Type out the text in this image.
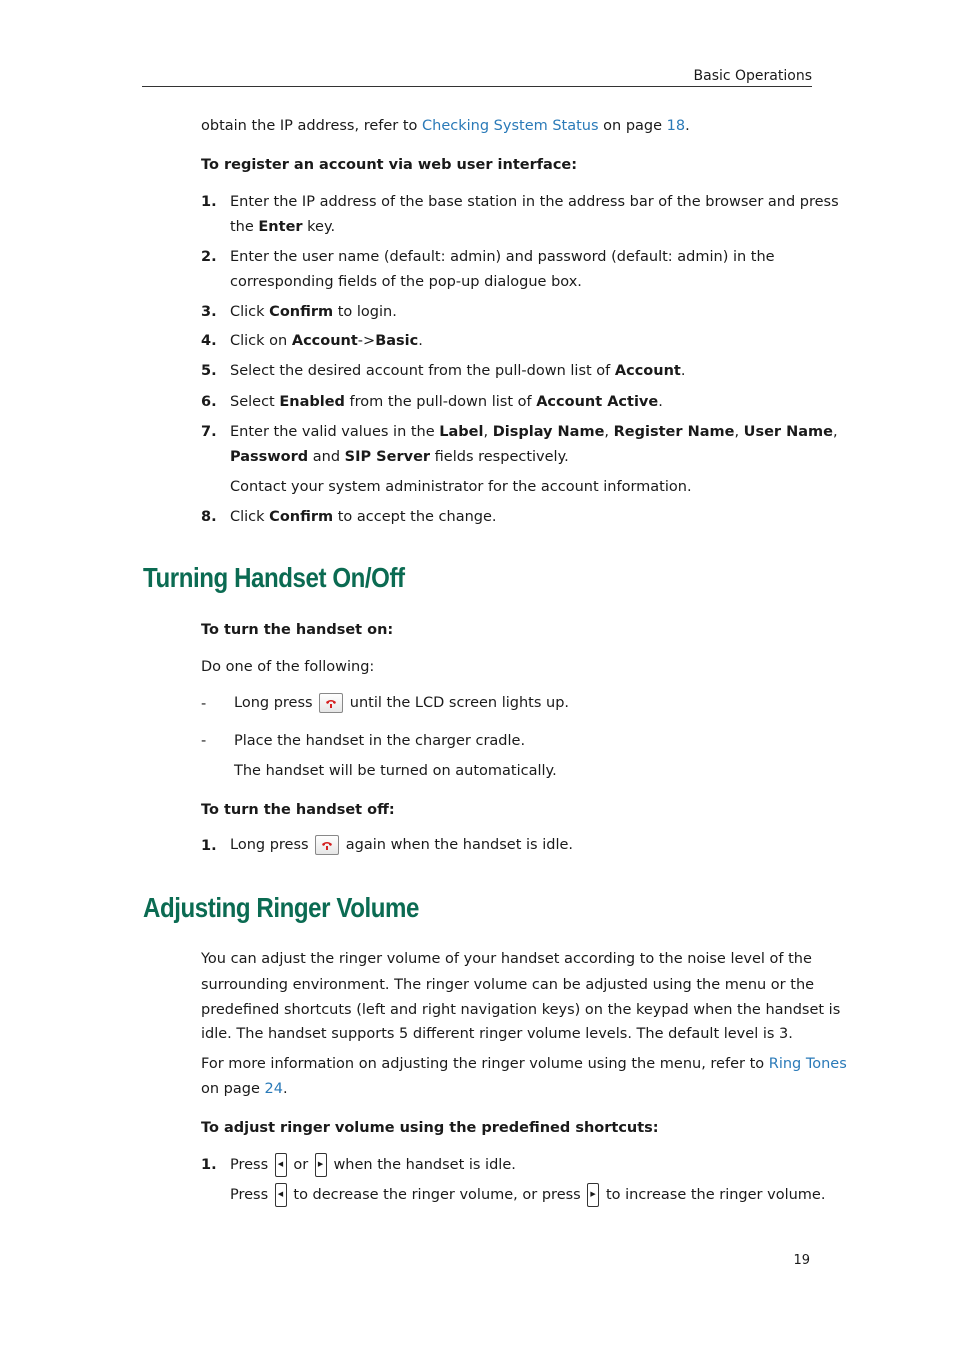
Basic Operations
obtain the IP address, refer to Checking System Status on page 18.
To register an account via web user interface:
1. Enter the IP address of the base station in the address bar of the browser and press
the Enter key.
2. Enter the user name (default: admin) and password (default: admin) in the
corresponding fields of the pop-up dialogue box.
3. Click Confirm to login.
4. Click on Account->Basic.
5. Select the desired account from the pull-down list of Account.
6. Select Enabled from the pull-down list of Account Active.
7. Enter the valid values in the Label, Display Name, Register Name, User Name,
Password and SIP Server fields respectively.
Contact your system administrator for the account information.
8. Click Confirm to accept the change.
Turning Handset On/Off
To turn the handset on:
Do one of the following:
- Long press
until the LCD screen lights up.
- Place the handset in the charger cradle.
The handset will be turned on automatically.
To turn the handset off:
1. Long press
again when the handset is idle.
Adjusting Ringer Volume
You can adjust the ringer volume of your handset according to the noise level of the
surrounding environment. The ringer volume can be adjusted using the menu or the
predefined shortcuts (left and right navigation keys) on the keypad when the handset is
idle. The handset supports 5 different ringer volume levels. The default level is 3.
For more information on adjusting the ringer volume using the menu, refer to Ring Tones
on page 24.
To adjust ringer volume using the predefined shortcuts:
1. Press ◀ or ▶ when the handset is idle.
Press ◀ to decrease the ringer volume, or press ▶ to increase the ringer volume.
19
